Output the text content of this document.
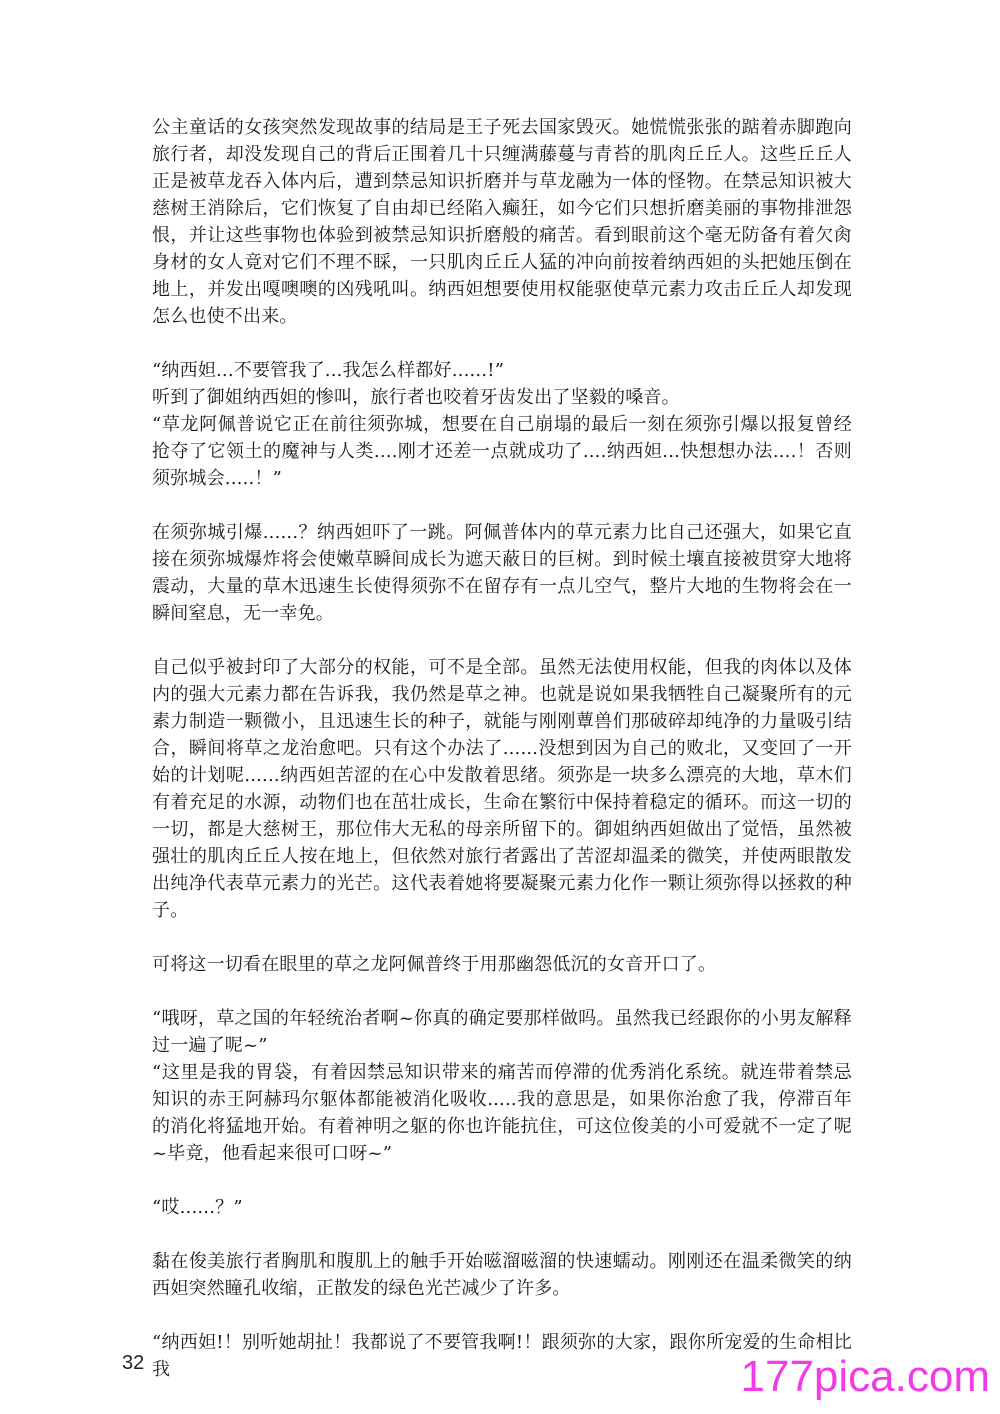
公主童话的女孩突然发现故事的结局是王子死去国家毁灭。她慌慌张张的踮着赤脚跑向旅行者，却没发现自己的背后正围着几十只缠满藤蔓与青苔的肌肉丘丘人。这些丘丘人正是被草龙吞入体内后，遭到禁忌知识折磨并与草龙融为一体的怪物。在禁忌知识被大慈树王消除后，它们恢复了自由却已经陷入癫狂，如今它们只想折磨美丽的事物排泄怨恨，并让这些事物也体验到被禁忌知识折磨般的痛苦。看到眼前这个毫无防备有着欠肏身材的女人竟对它们不理不睬，一只肌肉丘丘人猛的冲向前按着纳西妲的头把她压倒在地上，并发出嘎噢噢的凶残吼叫。纳西妲想要使用权能驱使草元素力攻击丘丘人却发现怎么也使不出来。

“纳西妲...不要管我了...我怎么样都好......!”

听到了御姐纳西妲的惨叫，旅行者也咬着牙齿发出了坚毅的嗓音。

“草龙阿佩普说它正在前往须弥城，想要在自己崩塌的最后一刻在须弥引爆以报复曾经抢夺了它领土的魔神与人类....刚才还差一点就成功了....纳西妲...快想想办法....！否则须弥城会.....！”

在须弥城引爆......？纳西妲吓了一跳。阿佩普体内的草元素力比自己还强大，如果它直接在须弥城爆炸将会使嫩草瞬间成长为遮天蔽日的巨树。到时候土壤直接被贯穿大地将震动，大量的草木迅速生长使得须弥不在留存有一点儿空气，整片大地的生物将会在一瞬间窒息，无一幸免。

自己似乎被封印了大部分的权能，可不是全部。虽然无法使用权能，但我的肉体以及体内的强大元素力都在告诉我，我仍然是草之神。也就是说如果我牺牲自己凝聚所有的元素力制造一颗微小，且迅速生长的种子，就能与刚刚蕈兽们那破碎却纯净的力量吸引结合，瞬间将草之龙治愈吧。只有这个办法了......没想到因为自己的败北，又变回了一开始的计划呢......纳西妲苦涩的在心中发散着思绪。须弥是一块多么漂亮的大地，草木们有着充足的水源，动物们也在茁壮成长，生命在繁衍中保持着稳定的循环。而这一切的一切，都是大慈树王，那位伟大无私的母亲所留下的。御姐纳西妲做出了觉悟，虽然被强壮的肌肉丘丘人按在地上，但依然对旅行者露出了苦涩却温柔的微笑，并使两眼散发出纯净代表草元素力的光芒。这代表着她将要凝聚元素力化作一颗让须弥得以拯救的种子。

可将这一切看在眼里的草之龙阿佩普终于用那幽怨低沉的女音开口了。

“哦呀，草之国的年轻统治者啊~你真的确定要那样做吗。虽然我已经跟你的小男友解释过一遍了呢~”

“这里是我的胃袋，有着因禁忌知识带来的痛苦而停滞的优秀消化系统。就连带着禁忌知识的赤王阿赫玛尔躯体都能被消化吸收.....我的意思是，如果你治愈了我，停滞百年的消化将猛地开始。有着神明之躯的你也许能抗住，可这位俊美的小可爱就不一定了呢~毕竟，他看起来很可口呀~”

“哎......？”

黏在俊美旅行者胸肌和腹肌上的触手开始嗞溜嗞溜的快速蠕动。刚刚还在温柔微笑的纳西妲突然瞳孔收缩，正散发的绿色光芒减少了许多。

“纳西妲!！别听她胡扯！我都说了不要管我啊!！跟须弥的大家，跟你所宠爱的生命相比我

32	177pica.com
